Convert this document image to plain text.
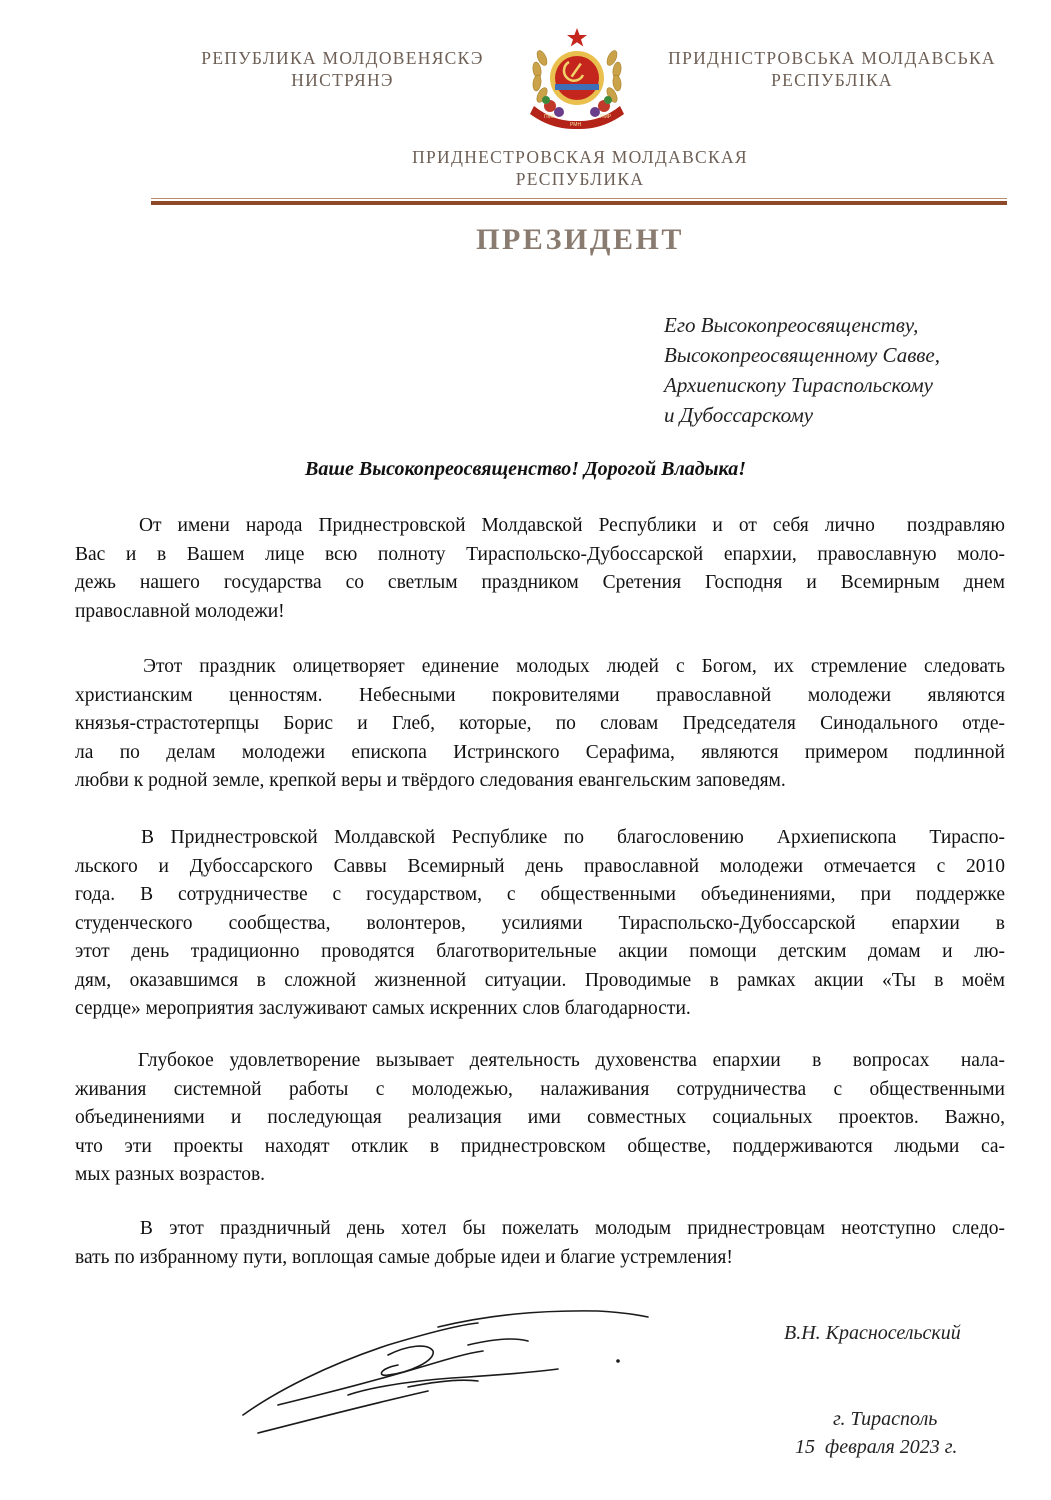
РЕПУБЛИКА МОЛДОВЕНЯСКЭ
НИСТРЯНЭ
ПМР
РМН
ПМР
ПРИДНІСТРОВСЬКА МОЛДАВСЬКА
РЕСПУБЛІКА
ПРИДНЕСТРОВСКАЯ МОЛДАВСКАЯ
РЕСПУБЛИКА
ПРЕЗИДЕНТ
Его Высокопреосвященству,
Высокопреосвященному Савве,
Архиепископу Тираспольскому
и Дубоссарскому
Ваше Высокопреосвященство! Дорогой Владыка!
От имени народа Приднестровской Молдавской Республики и от себя лично  поздравляю
Вас и в Вашем лице всю полноту Тираспольско-Дубоссарской епархии, православную моло-
дежь нашего государства со светлым праздником Сретения Господня и Всемирным днем
православной молодежи!
Этот праздник олицетворяет единение молодых людей с Богом, их стремление следовать
христианским ценностям. Небесными покровителями православной молодежи являются
князья-страстотерпцы Борис и Глеб, которые, по словам Председателя Синодального отде-
ла по делам молодежи епископа Истринского Серафима, являются примером подлинной
любви к родной земле, крепкой веры и твёрдого следования евангельским заповедям.
В Приднестровской Молдавской Республике по  благословению  Архиепископа  Тираспо-
льского и Дубоссарского Саввы Всемирный день православной молодежи отмечается с 2010
года. В сотрудничестве с государством, с общественными объединениями, при поддержке
студенческого сообщества, волонтеров, усилиями Тираспольско-Дубоссарской епархии в
этот день традиционно проводятся благотворительные акции помощи детским домам и лю-
дям, оказавшимся в сложной жизненной ситуации. Проводимые в рамках акции «Ты в моём
сердце» мероприятия заслуживают самых искренних слов благодарности.
Глубокое удовлетворение вызывает деятельность духовенства епархии  в  вопросах  нала-
живания системной работы с молодежью, налаживания сотрудничества с общественными
объединениями и последующая реализация ими совместных социальных проектов. Важно,
что эти проекты находят отклик в приднестровском обществе, поддерживаются людьми са-
мых разных возрастов.
В этот праздничный день хотел бы пожелать молодым приднестровцам неотступно следо-
вать по избранному пути, воплощая самые добрые идеи и благие устремления!
В.Н. Красносельский
г. Тирасполь
15  февраля 2023 г.
